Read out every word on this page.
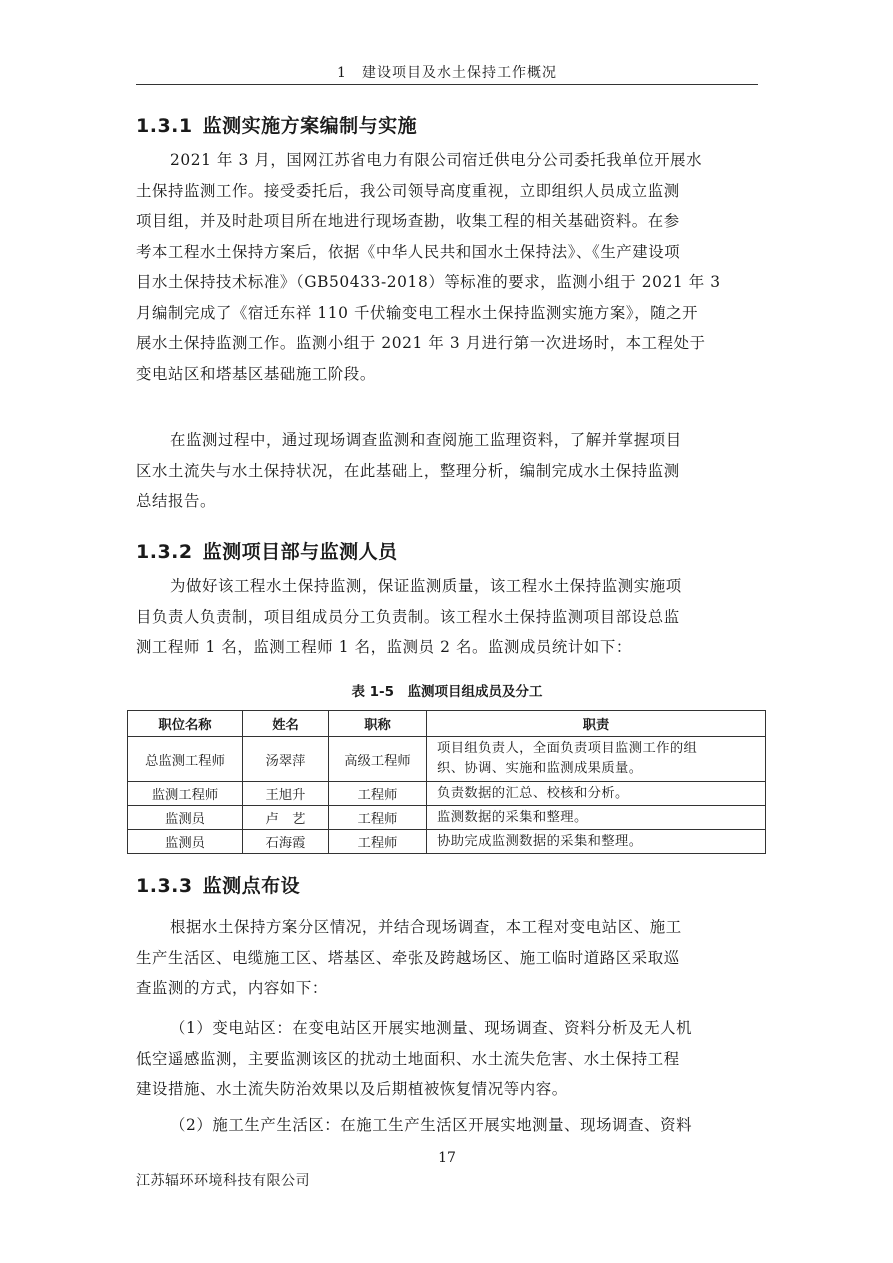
1　建设项目及水土保持工作概况
1.3.1 监测实施方案编制与实施
2021 年 3 月，国网江苏省电力有限公司宿迁供电分公司委托我单位开展水
土保持监测工作。接受委托后，我公司领导高度重视，立即组织人员成立监测
项目组，并及时赴项目所在地进行现场查勘，收集工程的相关基础资料。在参
考本工程水土保持方案后，依据《中华人民共和国水土保持法》、《生产建设项
目水土保持技术标准》（GB50433-2018）等标准的要求，监测小组于 2021 年 3
月编制完成了《宿迁东祥 110 千伏输变电工程水土保持监测实施方案》，随之开
展水土保持监测工作。监测小组于 2021 年 3 月进行第一次进场时，本工程处于
变电站区和塔基区基础施工阶段。
在监测过程中，通过现场调查监测和查阅施工监理资料，了解并掌握项目
区水土流失与水土保持状况，在此基础上，整理分析，编制完成水土保持监测
总结报告。
1.3.2 监测项目部与监测人员
为做好该工程水土保持监测，保证监测质量，该工程水土保持监测实施项
目负责人负责制，项目组成员分工负责制。该工程水土保持监测项目部设总监
测工程师 1 名，监测工程师 1 名，监测员 2 名。监测成员统计如下：
表 1-5　监测项目组成员及分工
职位名称	姓名	职称	职责
总监测工程师	汤翠萍	高级工程师	项目组负责人，全面负责项目监测工作的组
织、协调、实施和监测成果质量。

监测工程师	王旭升	工程师	负责数据的汇总、校核和分析。
监测员	卢　艺	工程师	监测数据的采集和整理。
监测员	石海霞	工程师	协助完成监测数据的采集和整理。
1.3.3 监测点布设
根据水土保持方案分区情况，并结合现场调查，本工程对变电站区、施工
生产生活区、电缆施工区、塔基区、牵张及跨越场区、施工临时道路区采取巡
查监测的方式，内容如下：
（1）变电站区：在变电站区开展实地测量、现场调查、资料分析及无人机
低空遥感监测，主要监测该区的扰动土地面积、水土流失危害、水土保持工程
建设措施、水土流失防治效果以及后期植被恢复情况等内容。
（2）施工生产生活区：在施工生产生活区开展实地测量、现场调查、资料
17
江苏辐环环境科技有限公司
